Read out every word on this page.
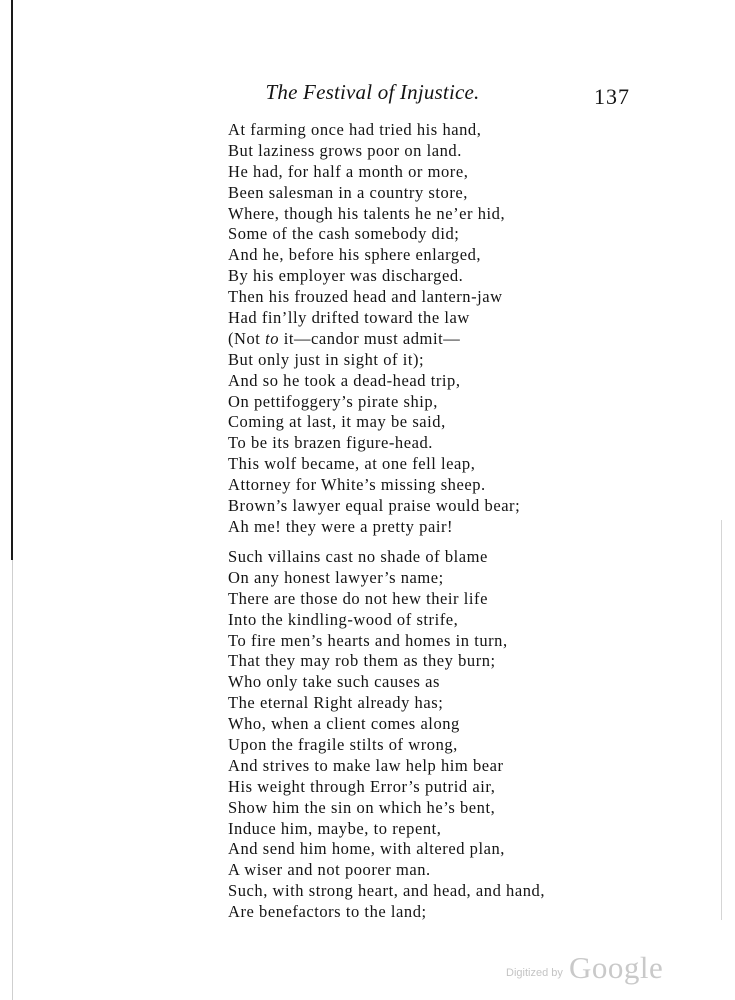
The Festival of Injustice.	137
At farming once had tried his hand,
But laziness grows poor on land.
He had, for half a month or more,
Been salesman in a country store,
Where, though his talents he ne’er hid,
Some of the cash somebody did;
And he, before his sphere enlarged,
By his employer was discharged.
Then his frouzed head and lantern-jaw
Had fin’lly drifted toward the law
(Not to it—candor must admit—
But only just in sight of it);
And so he took a dead-head trip,
On pettifoggery’s pirate ship,
Coming at last, it may be said,
To be its brazen figure-head.
This wolf became, at one fell leap,
Attorney for White’s missing sheep.
Brown’s lawyer equal praise would bear;
Ah me! they were a pretty pair!
Such villains cast no shade of blame
On any honest lawyer’s name;
There are those do not hew their life
Into the kindling-wood of strife,
To fire men’s hearts and homes in turn,
That they may rob them as they burn;
Who only take such causes as
The eternal Right already has;
Who, when a client comes along
Upon the fragile stilts of wrong,
And strives to make law help him bear
His weight through Error’s putrid air,
Show him the sin on which he’s bent,
Induce him, maybe, to repent,
And send him home, with altered plan,
A wiser and not poorer man.
Such, with strong heart, and head, and hand,
Are benefactors to the land;
Digitized by Google
